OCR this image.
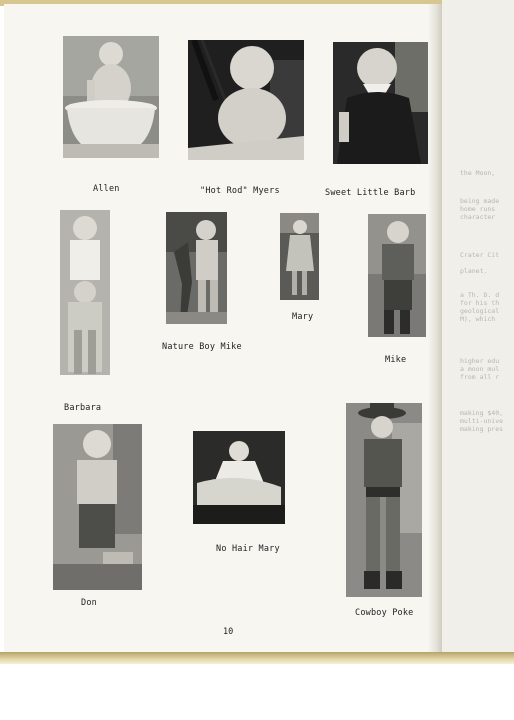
the Moon,
being made
home runs
character
Crater Cit
planet.
a Th. D. d
for his th
geological
M), which
higher edu
a moon mul
from all r
making $40,
multi-unive
making pres
Allen	"Hot Rod" Myers	Sweet Little Barb
Nature Boy Mike
Mary
Mike
Barbara
No Hair Mary
Don
Cowboy Poke
10
